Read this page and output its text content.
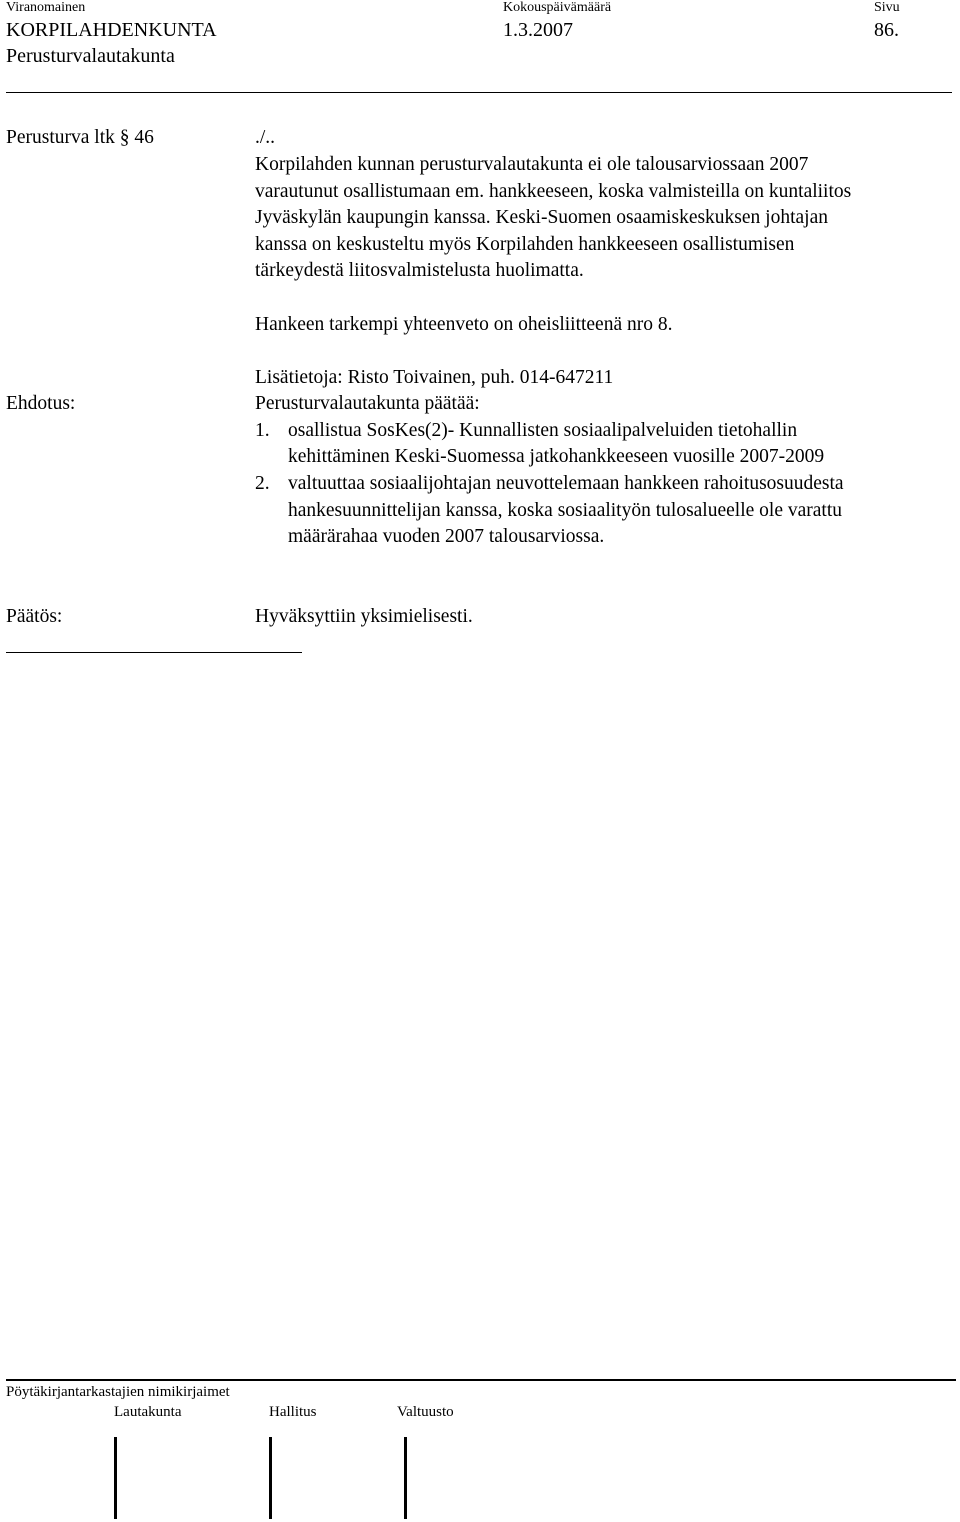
Viranomainen	Kokouspäivämäärä	Sivu
KORPILAHDENKUNTA	1.3.2007	86.
Perusturvalautakunta
Perusturva ltk § 46	./..
Korpilahden kunnan perusturvalautakunta ei ole talousarviossaan 2007
varautunut osallistumaan em. hankkeeseen, koska valmisteilla on kuntaliitos
Jyväskylän kaupungin kanssa. Keski-Suomen osaamiskeskuksen johtajan
kanssa on keskusteltu myös Korpilahden hankkeeseen osallistumisen
tärkeydestä liitosvalmistelusta huolimatta.
Hankeen tarkempi yhteenveto on oheisliitteenä nro 8.
Lisätietoja: Risto Toivainen, puh. 014-647211
Ehdotus:	Perusturvalautakunta päätää:
1. osallistua SosKes(2)- Kunnallisten sosiaalipalveluiden tietohallin
kehittäminen Keski-Suomessa jatkohankkeeseen vuosille 2007-2009
2. valtuuttaa sosiaalijohtajan neuvottelemaan hankkeen rahoitusosuudesta
hankesuunnittelijan kanssa, koska sosiaalityön tulosalueelle ole varattu
määrärahaa vuoden 2007 talousarviossa.
Päätös:	Hyväksyttiin yksimielisesti.
Pöytäkirjantarkastajien nimikirjaimet
Lautakunta	Hallitus	Valtuusto
